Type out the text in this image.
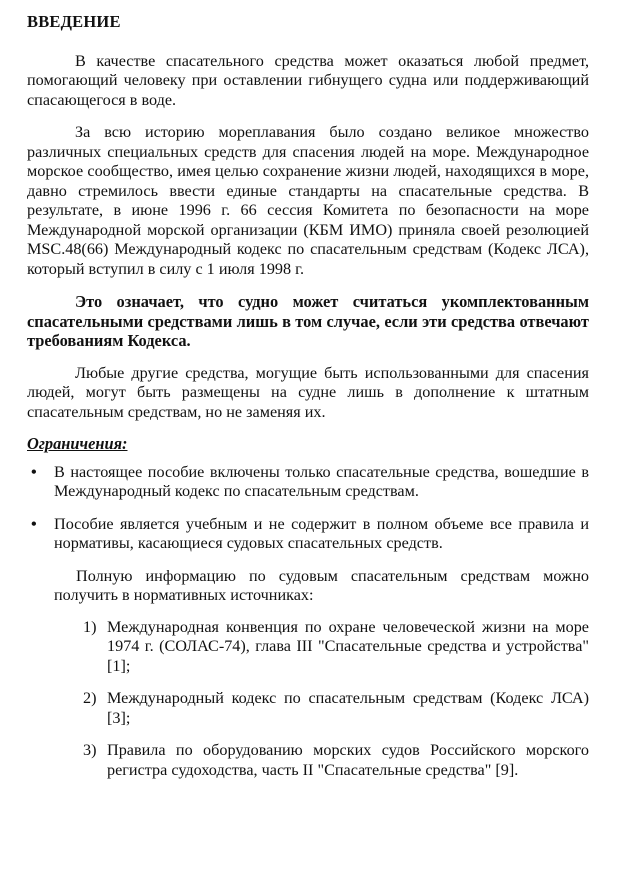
ВВЕДЕНИЕ

В качестве спасательного средства может оказаться любой предмет, помогающий человеку при оставлении гибнущего судна или поддерживающий спасающегося в воде.

За всю историю мореплавания было создано великое множество различных специальных средств для спасения людей на море. Международное морское сообщество, имея целью сохранение жизни людей, находящихся в море, давно стремилось ввести единые стандарты на спасательные средства. В результате, в июне 1996 г. 66 сессия Комитета по безопасности на море Международной морской организации (КБМ ИМО) приняла своей резолюцией MSC.48(66) Международный кодекс по спасательным средствам (Кодекс ЛСА), который вступил в силу с 1 июля 1998 г.

Это означает, что судно может считаться укомплектованным спасательными средствами лишь в том случае, если эти средства отвечают требованиям Кодекса.

Любые другие средства, могущие быть использованными для спасения людей, могут быть размещены на судне лишь в дополнение к штатным спасательным средствам, но не заменяя их.

Ограничения:
• В настоящее пособие включены только спасательные средства, вошедшие в Международный кодекс по спасательным средствам.
• Пособие является учебным и не содержит в полном объеме все правила и нормативы, касающиеся судовых спасательных средств.

Полную информацию по судовым спасательным средствам можно получить в нормативных источниках:

1) Международная конвенция по охране человеческой жизни на море 1974 г. (СОЛАС-74), глава III "Спасательные средства и устройства" [1];
2) Международный кодекс по спасательным средствам (Кодекс ЛСА) [3];
3) Правила по оборудованию морских судов Российского морского регистра судоходства, часть II "Спасательные средства" [9].
